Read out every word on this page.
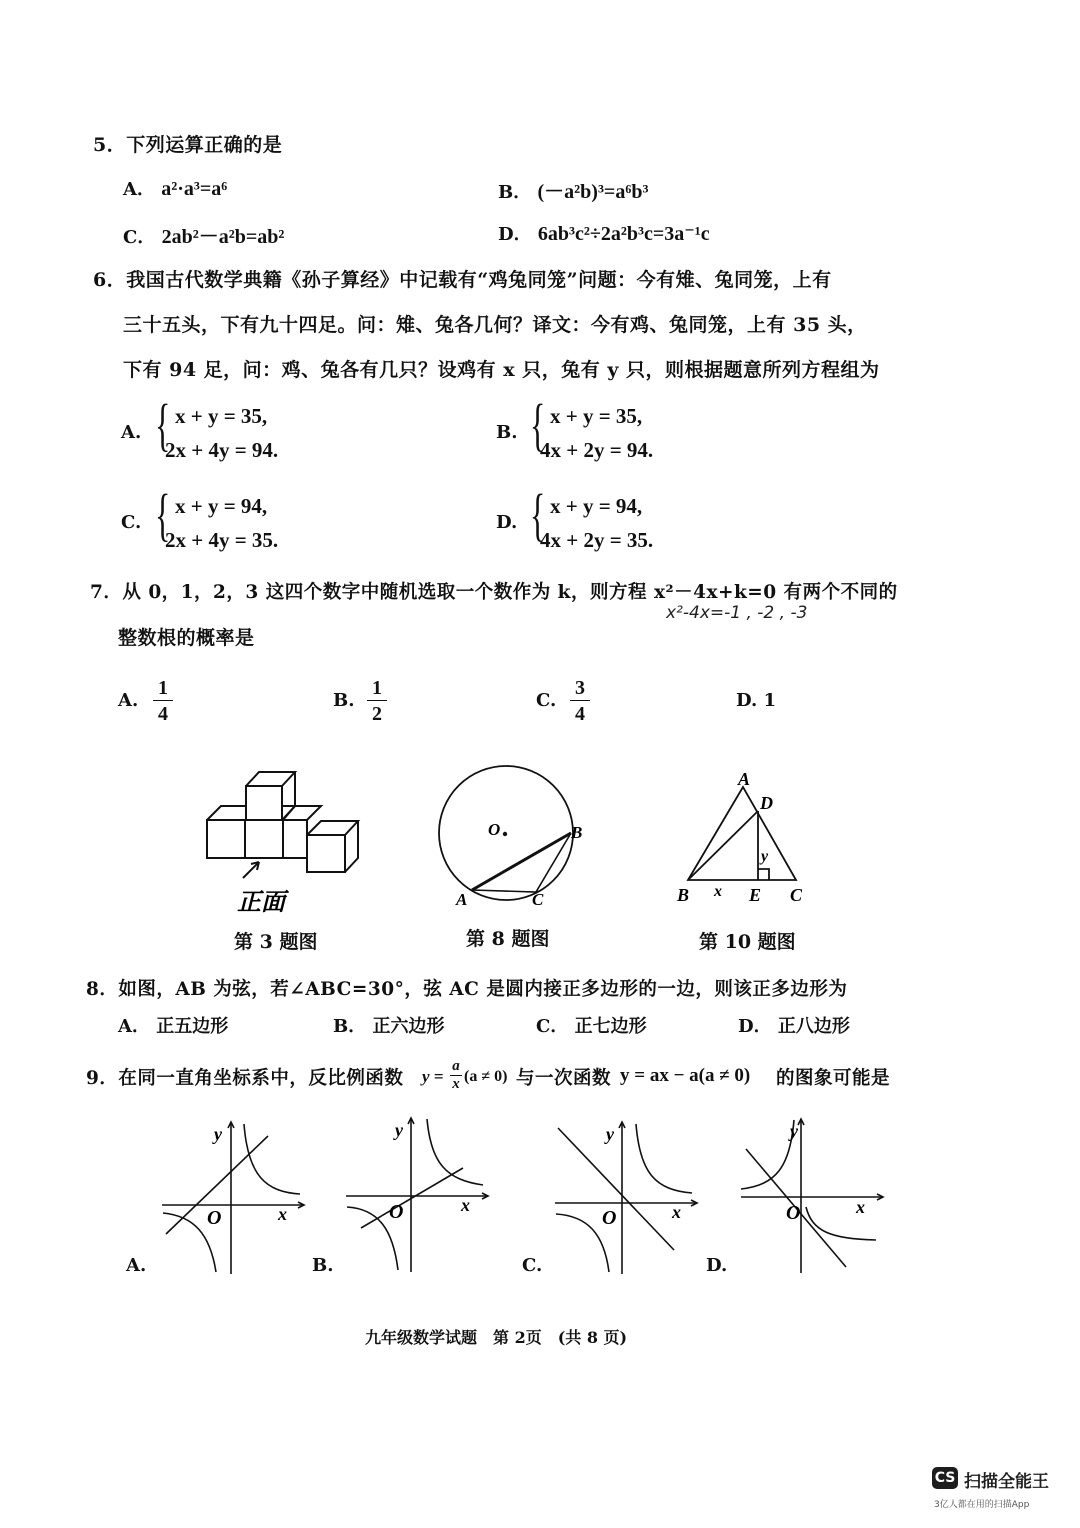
5．下列运算正确的是
A． a²·a³=a⁶	B． (－a²b)³=a⁶b³
C． 2ab²－a²b=ab²	D． 6ab³c²÷2a²b³c=3a⁻¹c
6．我国古代数学典籍《孙子算经》中记载有“鸡兔同笼”问题：今有雉、兔同笼，上有
三十五头，下有九十四足。问：雉、兔各几何？译文：今有鸡、兔同笼，上有 35 头，
下有 94 足，问：鸡、兔各有几只？设鸡有 x 只，兔有 y 只，则根据题意所列方程组为
A. { x + y = 35,
2x + 4y = 94.
B. { x + y = 35,
4x + 2y = 94.
C. { x + y = 94,
2x + 4y = 35.
D. { x + y = 94,
4x + 2y = 35.
7．从 0，1，2，3 这四个数字中随机选取一个数作为 k，则方程 x²－4x+k=0 有两个不同的
x²-4x=-1 , -2 , -3
整数根的概率是
A. $\frac{1}{4}$	B. $\frac{1}{2}$	C. $\frac{3}{4}$	D. 1
正面
第 3 题图
O	B
A	C
第 8 题图
A
D
B	E C
x
y
第 10 题图
8．如图，AB 为弦，若∠ABC=30°，弦 AC 是圆内接正多边形的一边，则该正多边形为
A． 正五边形	B． 正六边形	C． 正七边形	D． 正八边形
9．在同一直角坐标系中，反比例函数 $y = \frac{a}{x} (a \ne 0)$ 与一次函数 y = ax − a(a ≠ 0) 的图象可能是
y
x
O
A.
y
x
O
B.
y
x
O
C.
y
x
O
D.
九年级数学试题　第 2页　(共 8 页)
CS 扫描全能王
3亿人都在用的扫描App
